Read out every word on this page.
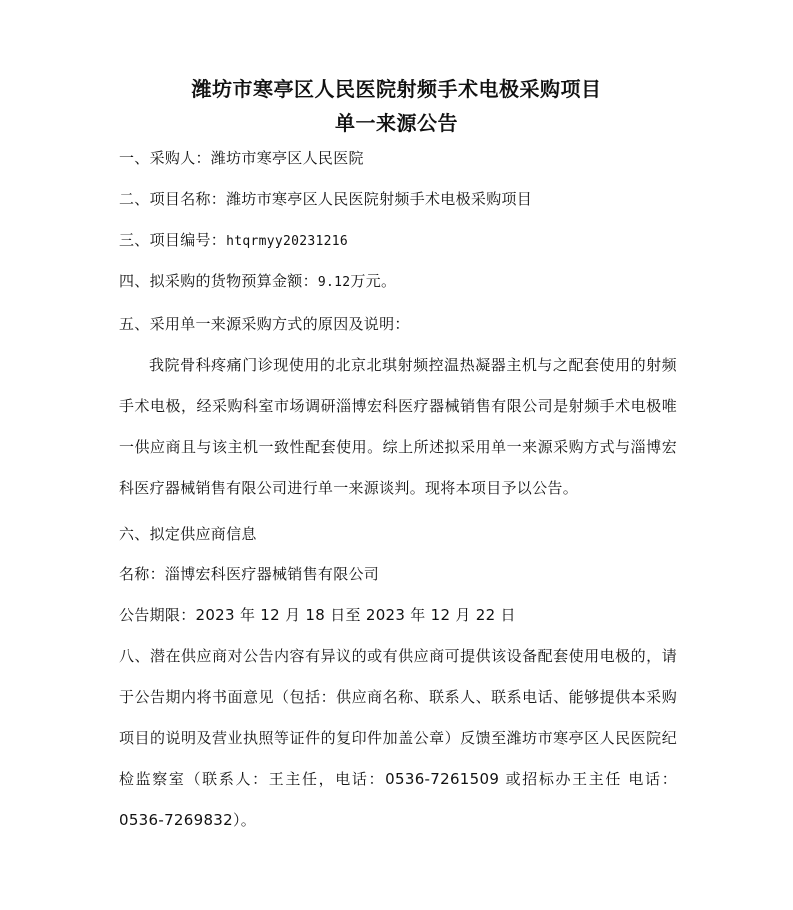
潍坊市寒亭区人民医院射频手术电极采购项目
单一来源公告
一、采购人：潍坊市寒亭区人民医院
二、项目名称：潍坊市寒亭区人民医院射频手术电极采购项目
三、项目编号：htqrmyy20231216
四、拟采购的货物预算金额：9.12万元。
五、采用单一来源采购方式的原因及说明：
我院骨科疼痛门诊现使用的北京北琪射频控温热凝器主机与之配套使用的射频手术电极，经采购科室市场调研淄博宏科医疗器械销售有限公司是射频手术电极唯一供应商且与该主机一致性配套使用。综上所述拟采用单一来源采购方式与淄博宏科医疗器械销售有限公司进行单一来源谈判。现将本项目予以公告。
六、拟定供应商信息
名称：淄博宏科医疗器械销售有限公司
公告期限：2023 年 12 月 18 日至 2023 年 12 月 22 日
八、潜在供应商对公告内容有异议的或有供应商可提供该设备配套使用电极的，请于公告期内将书面意见（包括：供应商名称、联系人、联系电话、能够提供本采购项目的说明及营业执照等证件的复印件加盖公章）反馈至潍坊市寒亭区人民医院纪检监察室（联系人：王主任，电话：0536-7261509 或招标办王主任 电话：0536-7269832）。
